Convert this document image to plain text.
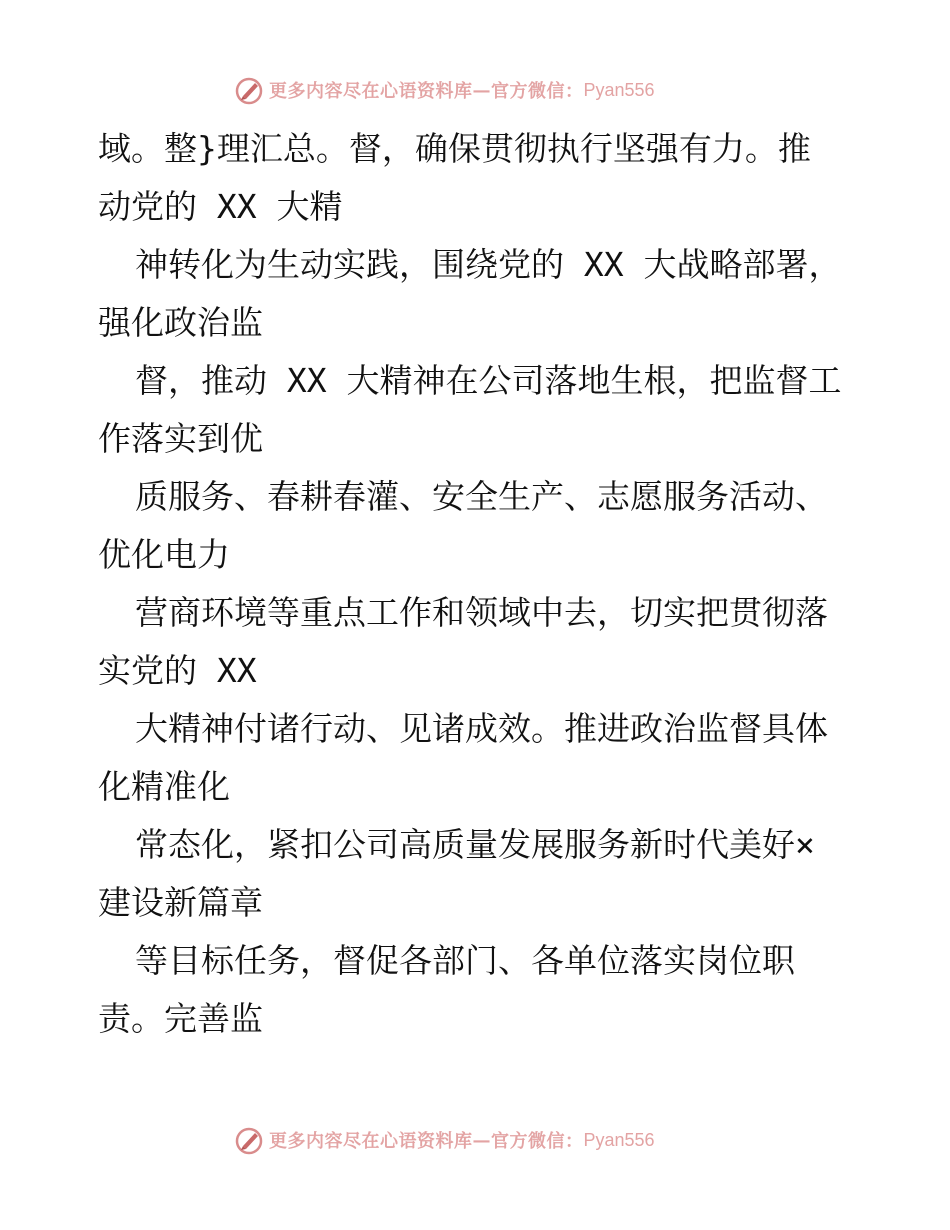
更多内容尽在心语资料库 — 官方微信： Pyan556
域。整}理汇总。督，确保贯彻执行坚强有力。推
动党的 XX 大精
神转化为生动实践，围绕党的 XX 大战略部署，
强化政治监
督，推动 XX 大精神在公司落地生根，把监督工
作落实到优
质服务、春耕春灌、安全生产、志愿服务活动、
优化电力
营商环境等重点工作和领域中去，切实把贯彻落
实党的 XX
大精神付诸行动、见诸成效。推进政治监督具体
化精准化
常态化，紧扣公司高质量发展服务新时代美好×
建设新篇章
等目标任务，督促各部门、各单位落实岗位职
责。完善监
更多内容尽在心语资料库 — 官方微信： Pyan556
